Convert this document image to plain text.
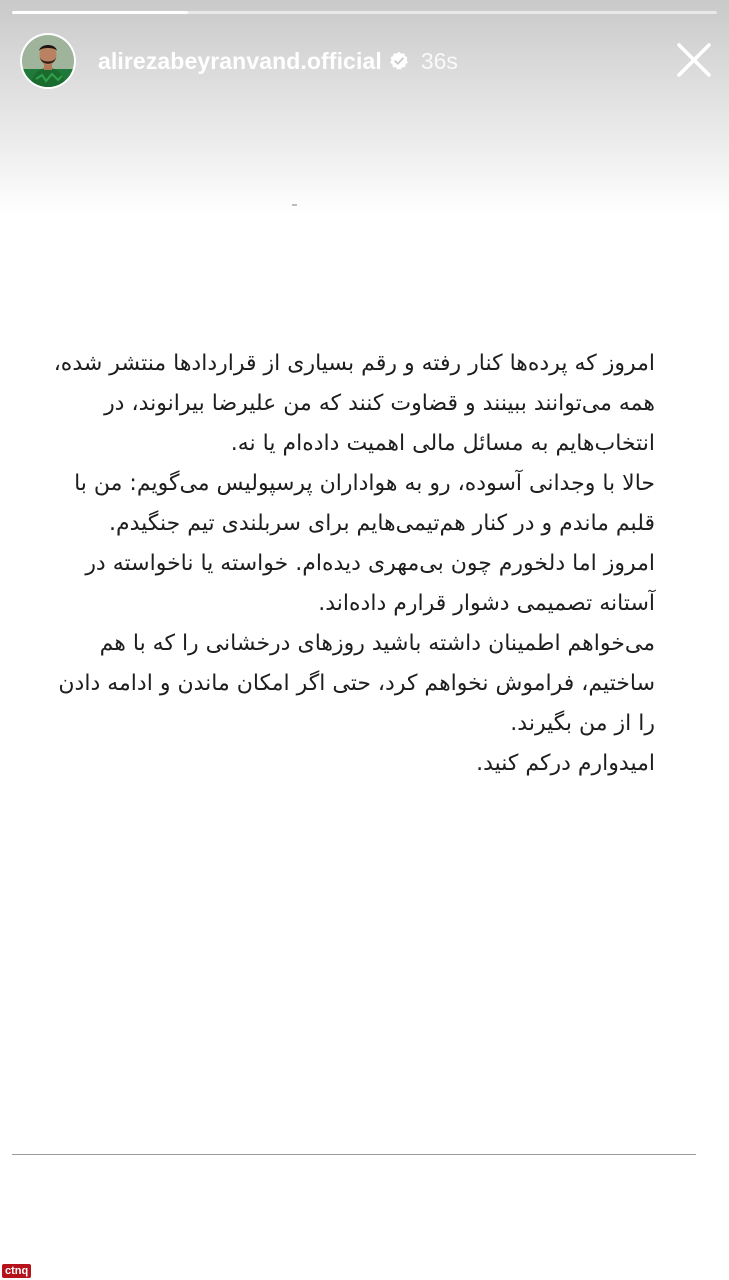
alirezabeyranvand.official 36s

امروز که پرده‌ها کنار رفته و رقم بسیاری از قراردادها منتشر شده، همه می‌توانند ببینند و قضاوت کنند که من علیرضا بیرانوند، در انتخاب‌هایم به مسائل مالی اهمیت داده‌ام یا نه.

حالا با وجدانی آسوده، رو به هواداران پرسپولیس می‌گویم: من با قلبم ماندم و در کنار هم‌تیمی‌هایم برای سربلندی تیم جنگیدم.

امروز اما دلخورم چون بی‌مهری دیده‌ام. خواسته یا ناخواسته در آستانه تصمیمی دشوار قرارم داده‌اند.

می‌خواهم اطمینان داشته باشید روزهای درخشانی را که با هم ساختیم، فراموش نخواهم کرد، حتی اگر امکان ماندن و ادامه دادن را از من بگیرند.

امیدوارم درکم کنید.

ctnq
